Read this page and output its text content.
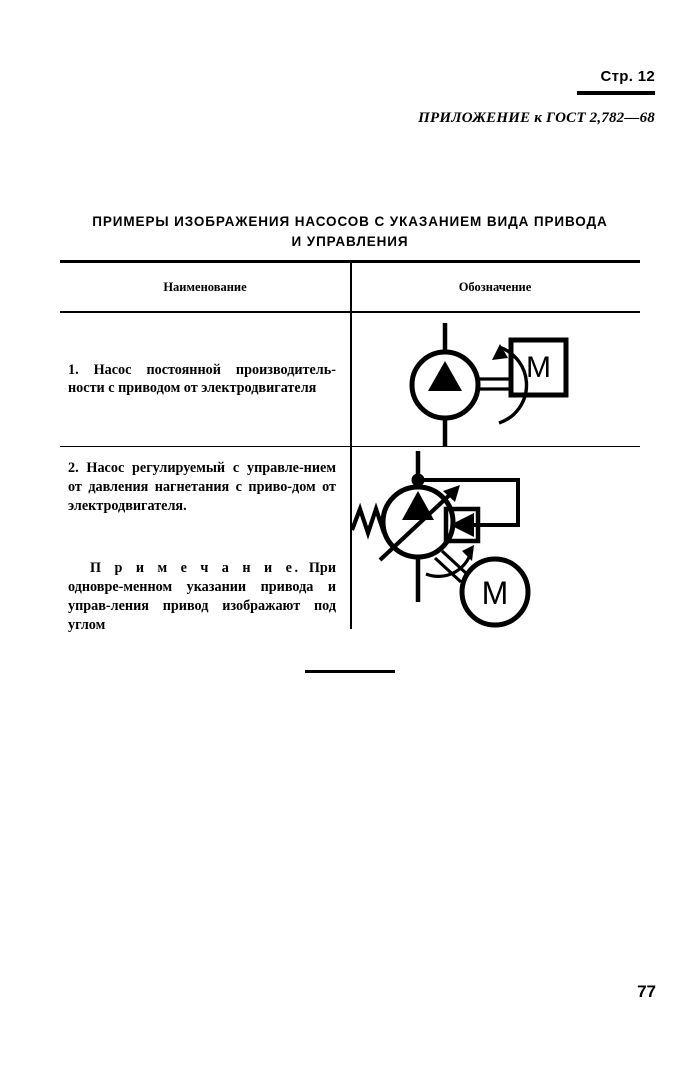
Стр. 12
ПРИЛОЖЕНИЕ к ГОСТ 2,782—68
ПРИМЕРЫ ИЗОБРАЖЕНИЯ НАСОСОВ С УКАЗАНИЕМ ВИДА ПРИВОДА
И УПРАВЛЕНИЯ
Наименование	Обозначение
1. Насос постоянной производитель-ности с приводом от электродвигателя
M
2. Насос регулируемый с управле-нием от давления нагнетания с приво-дом от электродвигателя.
П р и м е ч а н и е. При одновре-менном указании привода и управ-ления привод изображают под углом
M
77
